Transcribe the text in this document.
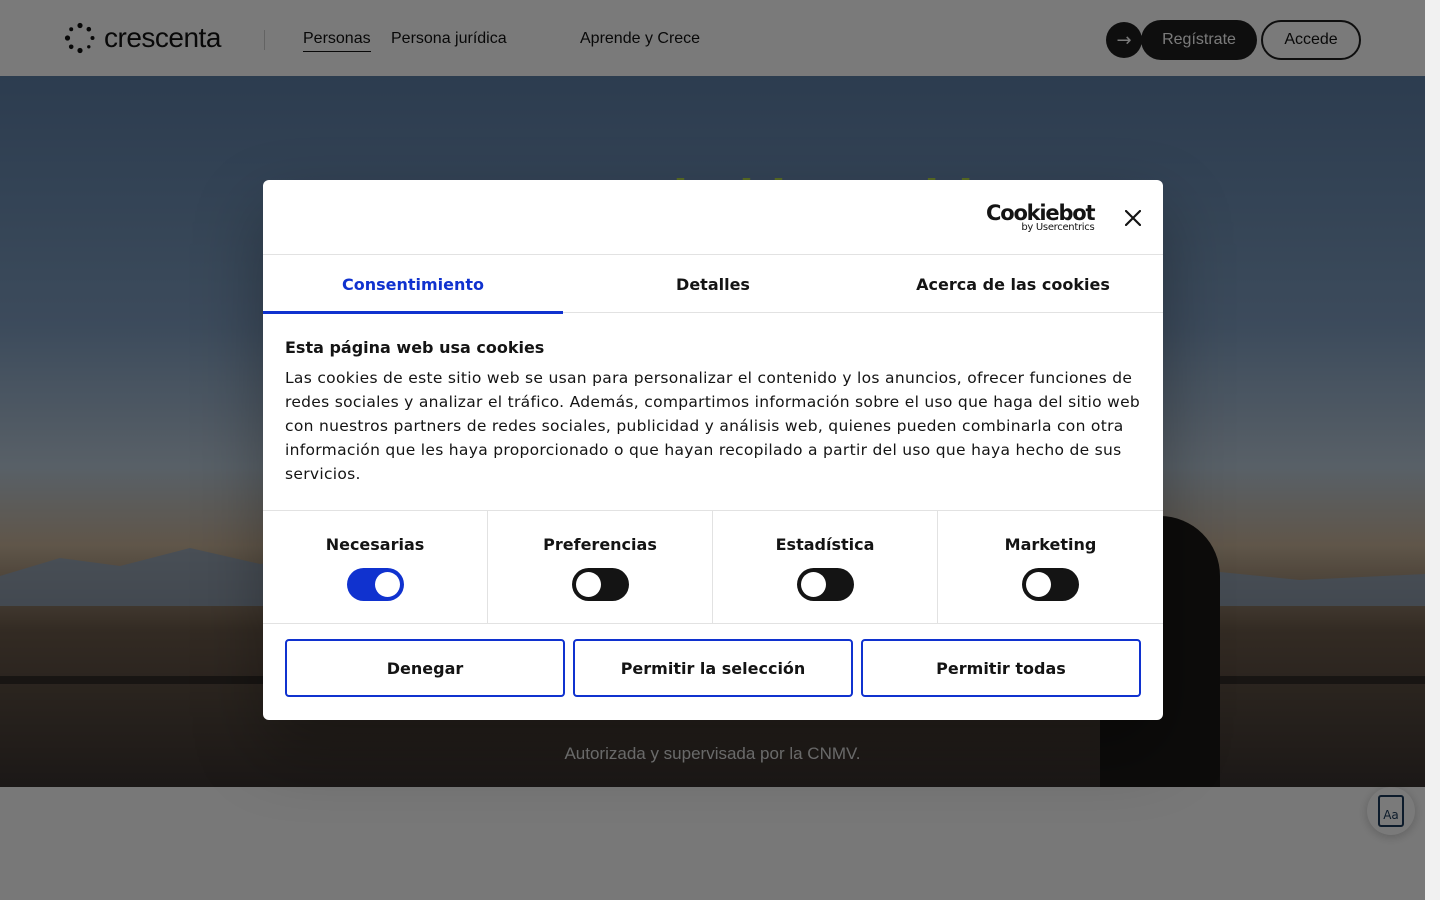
Cookiebot
by Usercentrics
Consentimiento	Detalles	Acerca de las cookies
Esta página web usa cookies
Las cookies de este sitio web se usan para personalizar el contenido y los anuncios, ofrecer funciones de redes sociales y analizar el tráfico. Además, compartimos información sobre el uso que haga del sitio web con nuestros partners de redes sociales, publicidad y análisis web, quienes pueden combinarla con otra información que les haya proporcionado o que hayan recopilado a partir del uso que haya hecho de sus servicios.
Necesarias	Preferencias	Estadística	Marketing
Denegar	Permitir la selección	Permitir todas
